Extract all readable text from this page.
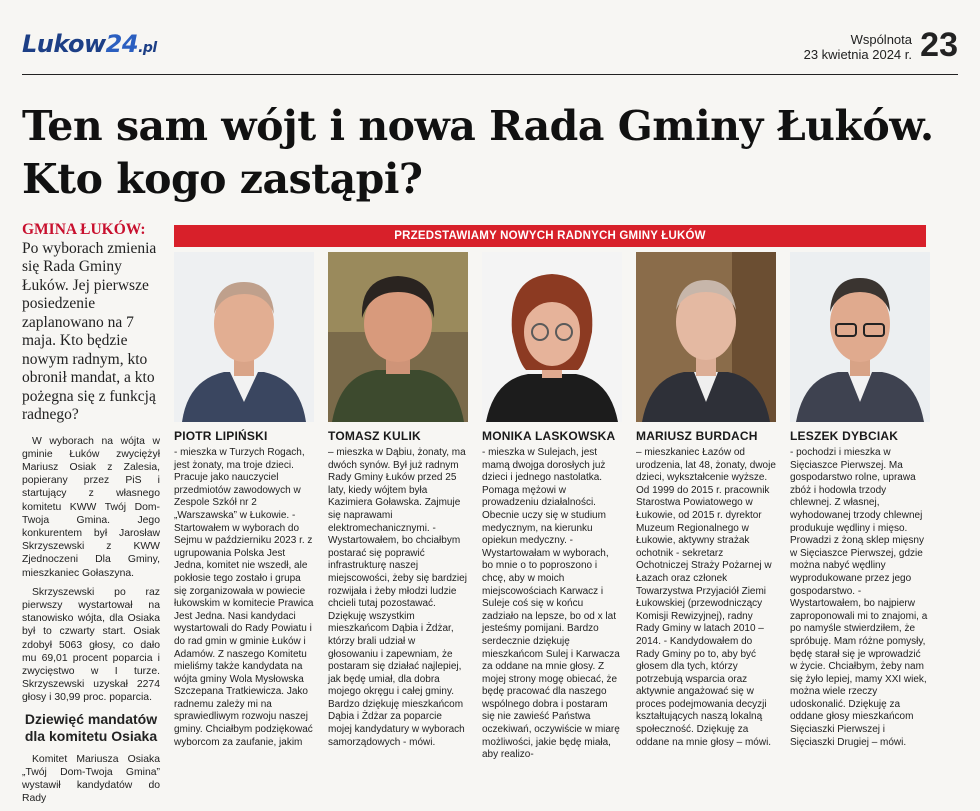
Lukow24.pl
Wspólnota
23 kwietnia 2024 r. 23
Ten sam wójt i nowa Rada Gminy Łuków. Kto kogo zastąpi?
GMINA ŁUKÓW: Po wyborach zmienia się Rada Gminy Łuków. Jej pierwsze posiedzenie zaplanowano na 7 maja. Kto będzie nowym radnym, kto obronił mandat, a kto pożegna się z funkcją radnego?

W wyborach na wójta w gminie Łuków zwyciężył Mariusz Osiak z Zalesia, popierany przez PiS i startujący z własnego komitetu KWW Twój Dom-Twoja Gmina. Jego konkurentem był Jarosław Skrzyszewski z KWW Zjednoczeni Dla Gminy, mieszkaniec Gołaszyna.

Skrzyszewski po raz pierwszy wystartował na stanowisko wójta, dla Osiaka był to czwarty start. Osiak zdobył 5063 głosy, co dało mu 69,01 procent poparcia i zwycięstwo w I turze. Skrzyszewski uzyskał 2274 głosy i 30,99 proc. poparcia.

Dziewięć mandatów dla komitetu Osiaka

Komitet Mariusza Osiaka „Twój Dom-Twoja Gmina” wystawił kandydatów do Rady

PRZEDSTAWIAMY NOWYCH RADNYCH GMINY ŁUKÓW
PIOTR LIPIŃSKI
- mieszka w Turzych Rogach, jest żonaty, ma troje dzieci. Pracuje jako nauczyciel przedmiotów zawodowych w Zespole Szkół nr 2 „Warszawska” w Łukowie. - Startowałem w wyborach do Sejmu w październiku 2023 r. z ugrupowania Polska Jest Jedna, komitet nie wszedł, ale pokłosie tego zostało i grupa się zorganizowała w powiecie łukowskim w komitecie Prawica Jest Jedna. Nasi kandydaci wystartowali do Rady Powiatu i do rad gmin w gminie Łuków i Adamów. Z naszego Komitetu mieliśmy także kandydata na wójta gminy Wola Mysłowska Szczepana Tratkiewicza. Jako radnemu zależy mi na sprawiedliwym rozwoju naszej gminy. Chciałbym podziękować wyborcom za zaufanie, jakim
TOMASZ KULIK
– mieszka w Dąbiu, żonaty, ma dwóch synów. Był już radnym Rady Gminy Łuków przed 25 laty, kiedy wójtem była Kazimiera Goławska. Zajmuje się naprawami elektromechanicznymi. - Wystartowałem, bo chciałbym postarać się poprawić infrastrukturę naszej miejscowości, żeby się bardziej rozwijała i żeby młodzi ludzie chcieli tutaj pozostawać. Dziękuję wszystkim mieszkańcom Dąbia i Żdżar, którzy brali udział w głosowaniu i zapewniam, że postaram się działać najlepiej, jak będę umiał, dla dobra mojego okręgu i całej gminy. Bardzo dziękuję mieszkańcom Dąbia i Żdżar za poparcie mojej kandydatury w wyborach samorządowych - mówi.
MONIKA LASKOWSKA
- mieszka w Sulejach, jest mamą dwojga dorosłych już dzieci i jednego nastolatka. Pomaga mężowi w prowadzeniu działalności. Obecnie uczy się w studium medycznym, na kierunku opiekun medyczny. - Wystartowałam w wyborach, bo mnie o to poproszono i chcę, aby w moich miejscowościach Karwacz i Suleje coś się w końcu zadziało na lepsze, bo od x lat jesteśmy pomijani. Bardzo serdecznie dziękuję mieszkańcom Sulej i Karwacza za oddane na mnie głosy. Z mojej strony mogę obiecać, że będę pracować dla naszego wspólnego dobra i postaram się nie zawieść Państwa oczekiwań, oczywiście w miarę możliwości, jakie będę miała, aby realizo-
MARIUSZ BURDACH
– mieszkaniec Łazów od urodzenia, lat 48, żonaty, dwoje dzieci, wykształcenie wyższe. Od 1999 do 2015 r. pracownik Starostwa Powiatowego w Łukowie, od 2015 r. dyrektor Muzeum Regionalnego w Łukowie, aktywny strażak ochotnik - sekretarz Ochotniczej Straży Pożarnej w Łazach oraz członek Towarzystwa Przyjaciół Ziemi Łukowskiej (przewodniczący Komisji Rewizyjnej), radny Rady Gminy w latach 2010 – 2014. - Kandydowałem do Rady Gminy po to, aby być głosem dla tych, którzy potrzebują wsparcia oraz aktywnie angażować się w proces podejmowania decyzji kształtujących naszą lokalną społeczność. Dziękuję za oddane na mnie głosy – mówi.
LESZEK DYBCIAK
- pochodzi i mieszka w Sięciaszce Pierwszej. Ma gospodarstwo rolne, uprawa zbóż i hodowla trzody chlewnej. Z własnej, wyhodowanej trzody chlewnej produkuje wędliny i mięso. Prowadzi z żoną sklep mięsny w Sięciaszce Pierwszej, gdzie można nabyć wędliny wyprodukowane przez jego gospodarstwo. - Wystartowałem, bo najpierw zaproponowali mi to znajomi, a po namyśle stwierdziłem, że spróbuję. Mam różne pomysły, będę starał się je wprowadzić w życie. Chciałbym, żeby nam się żyło lepiej, mamy XXI wiek, można wiele rzeczy udoskonalić. Dziękuję za oddane głosy mieszkańcom Sięciaszki Pierwszej i Sięciaszki Drugiej – mówi.
